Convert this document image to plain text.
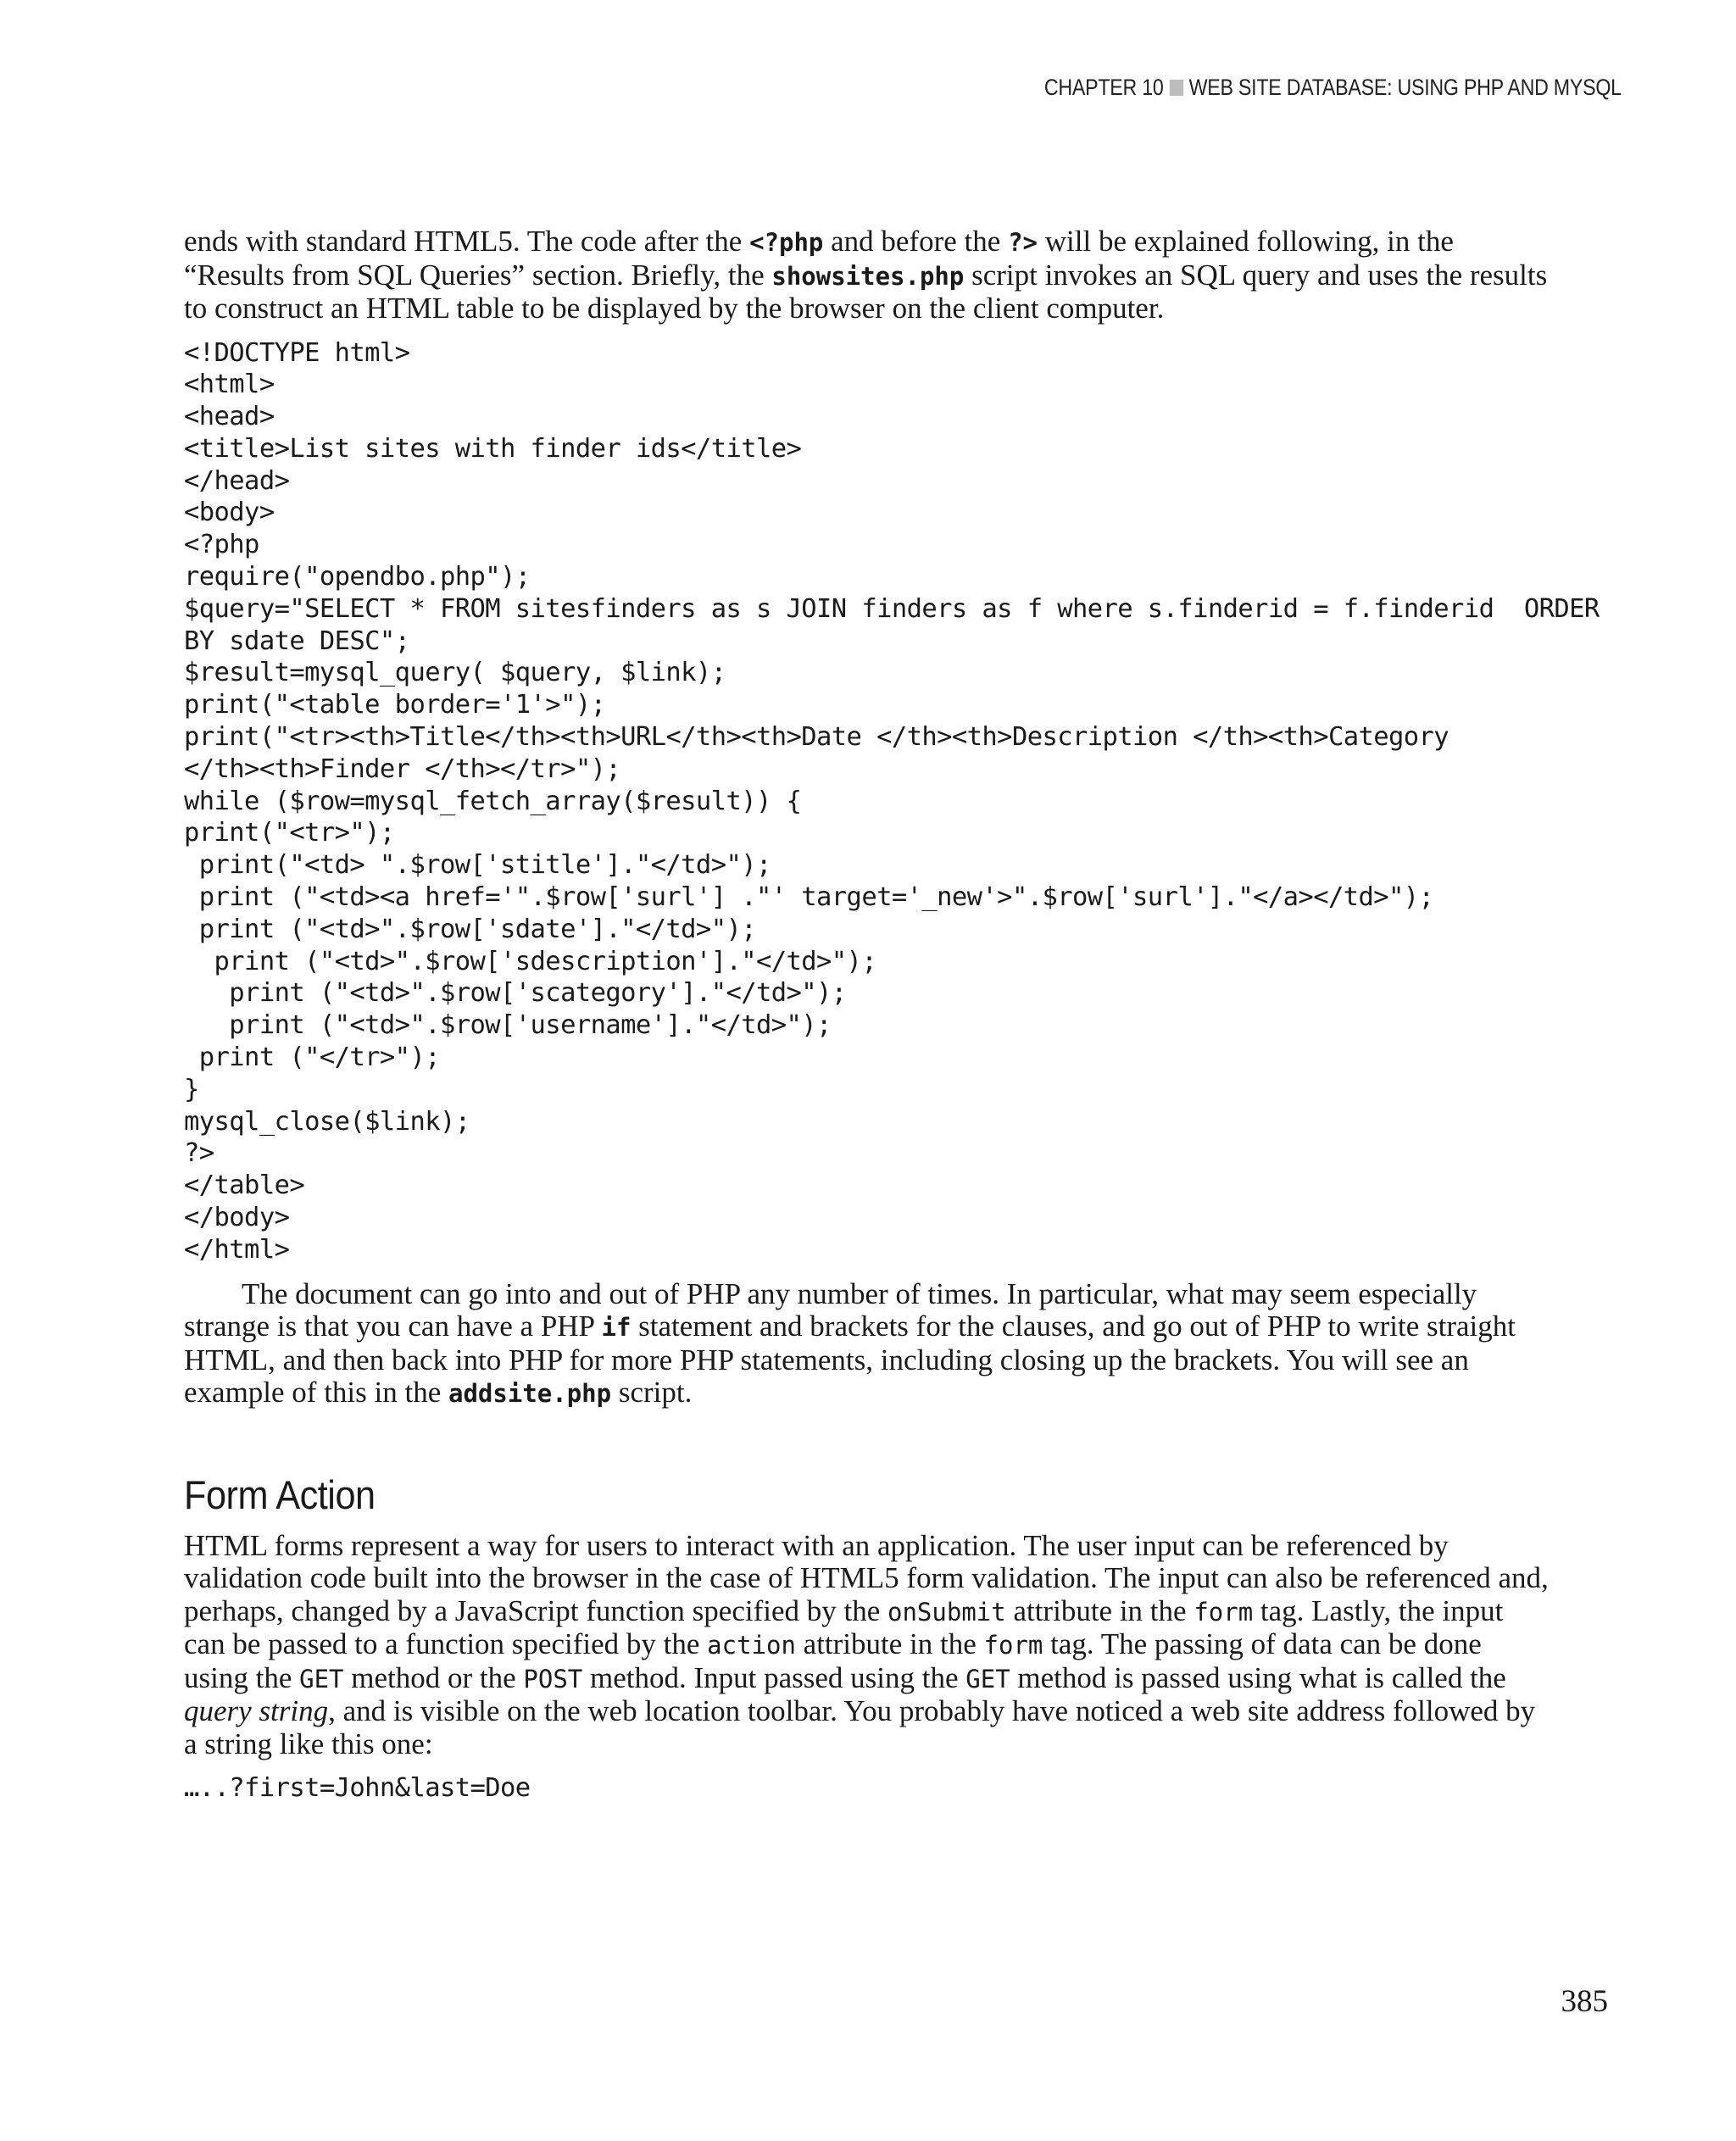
CHAPTER 10 WEB SITE DATABASE: USING PHP AND MYSQL

ends with standard HTML5. The code after the <?php and before the ?> will be explained following, in the “Results from SQL Queries” section. Briefly, the showsites.php script invokes an SQL query and uses the results to construct an HTML table to be displayed by the browser on the client computer.

<!DOCTYPE html>
<html>
<head>
<title>List sites with finder ids</title>
</head>
<body>
<?php
require("opendbo.php");
$query="SELECT * FROM sitesfinders as s JOIN finders as f where s.finderid = f.finderid  ORDER
BY sdate DESC";
$result=mysql_query( $query, $link);
print("<table border='1'>");
print("<tr><th>Title</th><th>URL</th><th>Date </th><th>Description </th><th>Category
</th><th>Finder </th></tr>");
while ($row=mysql_fetch_array($result)) {
print("<tr>");
print("<td> ".$row['stitle']."</td>");
print ("<td><a href='".$row['surl'] ."' target='_new'>".$row['surl']."</a></td>");
print ("<td>".$row['sdate']."</td>");
print ("<td>".$row['sdescription']."</td>");
print ("<td>".$row['scategory']."</td>");
print ("<td>".$row['username']."</td>");
print ("</tr>");
}
mysql_close($link);
?>
</table>
</body>
</html>

The document can go into and out of PHP any number of times. In particular, what may seem especially strange is that you can have a PHP if statement and brackets for the clauses, and go out of PHP to write straight HTML, and then back into PHP for more PHP statements, including closing up the brackets. You will see an example of this in the addsite.php script.

Form Action

HTML forms represent a way for users to interact with an application. The user input can be referenced by validation code built into the browser in the case of HTML5 form validation. The input can also be referenced and, perhaps, changed by a JavaScript function specified by the onSubmit attribute in the form tag. Lastly, the input can be passed to a function specified by the action attribute in the form tag. The passing of data can be done using the GET method or the POST method. Input passed using the GET method is passed using what is called the query string, and is visible on the web location toolbar. You probably have noticed a web site address followed by a string like this one:

…..?first=John&last=Doe
385
